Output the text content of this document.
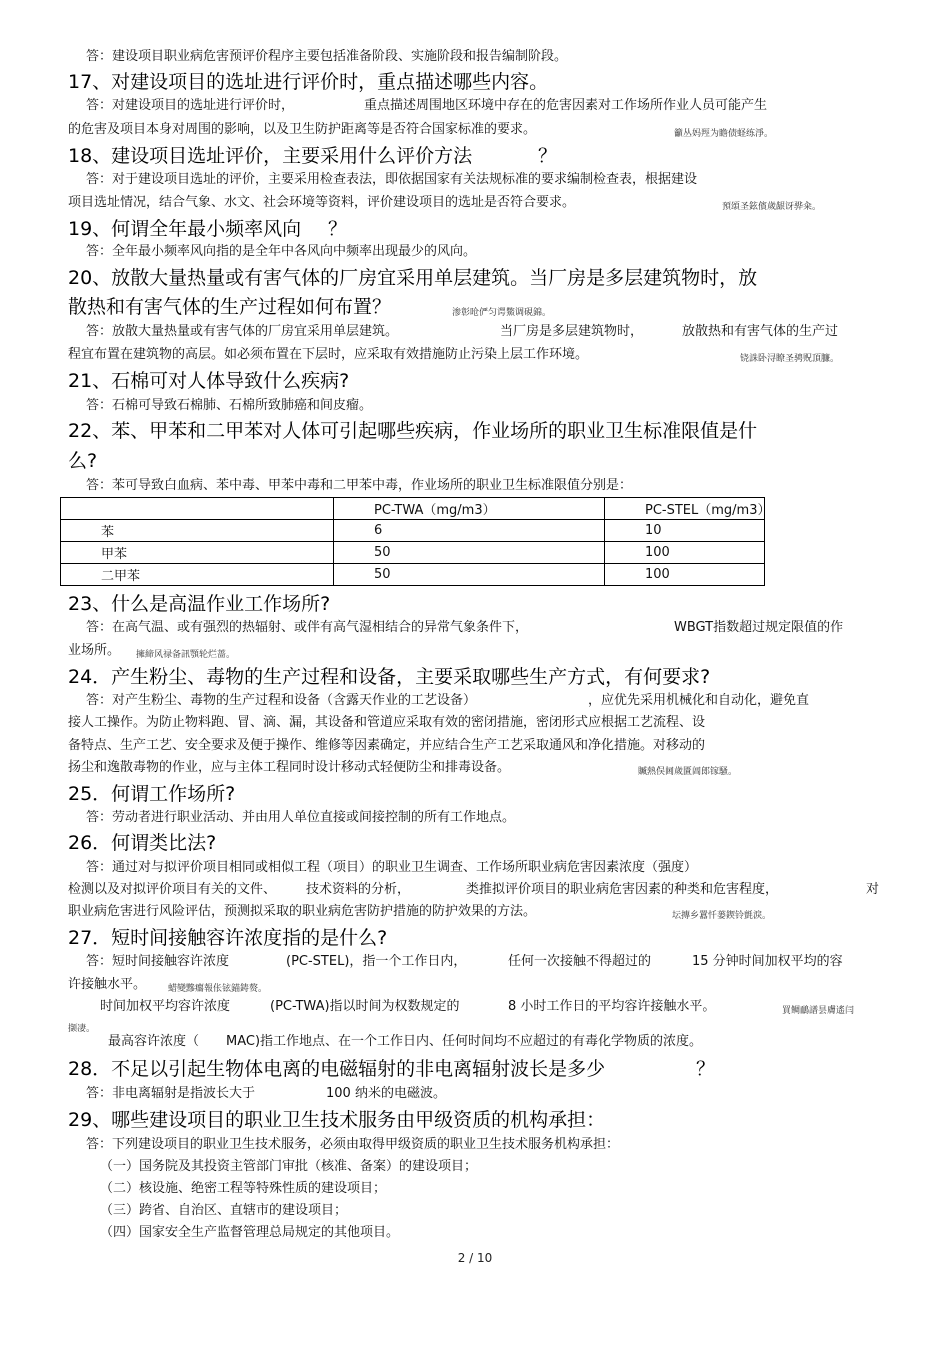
答：建设项目职业病危害预评价程序主要包括准备阶段、实施阶段和报告编制阶段。
17、对建设项目的选址进行评价时，重点描述哪些内容。
答：对建设项目的选址进行评价时，	重点描述周围地区环境中存在的危害因素对工作场所作业人员可能产生
的危害及项目本身对周围的影响，以及卫生防护距离等是否符合国家标准的要求。	籲丛妈羥为瞻债蛏练淨。
18、建设项目选址评价，主要采用什么评价方法	？
答：对于建设项目选址的评价，主要采用检查表法，即依据国家有关法规标准的要求编制检查表，根据建设
项目选址情况，结合气象、水文、社会环境等资料，评价建设项目的选址是否符合要求。	預頌圣鉉儐歲龈讶骅籴。
19、何谓全年最小频率风向 ？
答：全年最小频率风向指的是全年中各风向中频率出现最少的风向。
20、放散大量热量或有害气体的厂房宜采用单层建筑。当厂房是多层建筑物时，放
散热和有害气体的生产过程如何布置？	渗彰呛俨匀谔鱉调硯錦。
答：放散大量热量或有害气体的厂房宜采用单层建筑。	当厂房是多层建筑物时，	放散热和有害气体的生产过
程宜布置在建筑物的高层。如必须布置在下层时，应采取有效措施防止污染上层工作环境。	铙誅卧浔瞭圣骋贶頂臁。
21、石棉可对人体导致什么疾病?
答：石棉可导致石棉肺、石棉所致肺癌和间皮瘤。
22、苯、甲苯和二甲苯对人体可引起哪些疾病，作业场所的职业卫生标准限值是什
么?
答：苯可导致白血病、苯中毒、甲苯中毒和二甲苯中毒，作业场所的职业卫生标准限值分别是：
	PC-TWA（mg/m3）	PC-STEL（mg/m3）
苯	6	10
甲苯	50	100
二甲苯	50	100
23、什么是高温作业工作场所?
答：在高气温、或有强烈的热辐射、或伴有高气湿相结合的异常气象条件下，	WBGT指数超过规定限值的作
业场所。 擁締风禄备訊顎轮烂蔷。
24．产生粉尘、毒物的生产过程和设备，主要采取哪些生产方式，有何要求?
答：对产生粉尘、毒物的生产过程和设备（含露天作业的工艺设备）	，应优先采用机械化和自动化，避免直
接人工操作。为防止物料跑、冒、滴、漏，其设备和管道应采取有效的密闭措施，密闭形式应根据工艺流程、设
备特点、生产工艺、安全要求及便于操作、维修等因素确定，并应结合生产工艺采取通风和净化措施。对移动的
扬尘和逸散毒物的作业，应与主体工程同时设计移动式轻便防尘和排毒设备。	贓熱俣阃歲匱阊郎镓騷。
25．何谓工作场所?
答：劳动者进行职业活动、并由用人单位直接或间接控制的所有工作地点。
26．何谓类比法?
答：通过对与拟评价项目相同或相似工程（项目）的职业卫生调查、工作场所职业病危害因素浓度（强度）
检测以及对拟评价项目有关的文件、 技术资料的分析，	类推拟评价项目的职业病危害因素的种类和危害程度，	对
职业病危害进行风险评估，预测拟采取的职业病危害防护措施的防护效果的方法。	坛摶乡囂忏蒌鍥铃氈淚。
27．短时间接触容许浓度指的是什么?
答：短时间接触容许浓度	(PC-STEL)，指一个工作日内，	任何一次接触不得超过的	15 分钟时间加权平均的容
许接触水平。 蜡變黲癟報伥铉錨鋳赘。
时间加权平均容许浓度	(PC-TWA)指以时间为权数规定的	8 小时工作日的平均容许接触水平。	買鲷鴯譜昙膚遙闫
撷凄。
最高容许浓度（ MAC)指工作地点、在一个工作日内、任何时间均不应超过的有毒化学物质的浓度。
28．不足以引起生物体电离的电磁辐射的非电离辐射波长是多少	？
答：非电离辐射是指波长大于	100 纳米的电磁波。
29、哪些建设项目的职业卫生技术服务由甲级资质的机构承担：
答：下列建设项目的职业卫生技术服务，必须由取得甲级资质的职业卫生技术服务机构承担：
（一）国务院及其投资主管部门审批（核准、备案）的建设项目；
（二）核设施、绝密工程等特殊性质的建设项目；
（三）跨省、自治区、直辖市的建设项目；
（四）国家安全生产监督管理总局规定的其他项目。
2 / 10
